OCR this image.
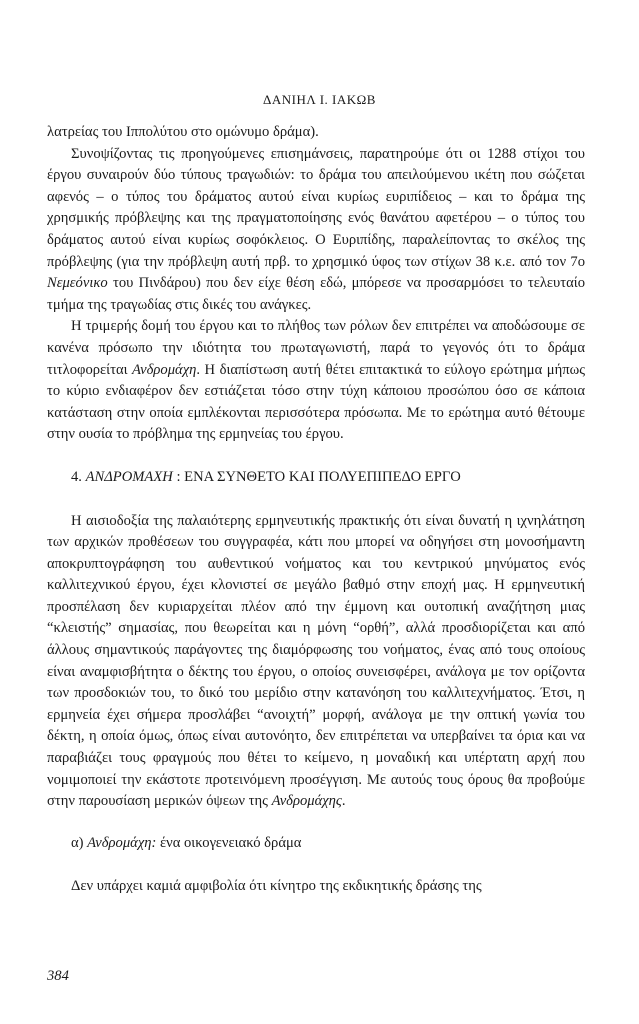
ΔΑΝΙΗΛ Ι. ΙΑΚΩΒ

λατρείας του Ιππολύτου στο ομώνυμο δράμα).

Συνοψίζοντας τις προηγούμενες επισημάνσεις, παρατηρούμε ότι οι 1288 στίχοι του έργου συναιρούν δύο τύπους τραγωδιών: το δράμα του απειλούμενου ικέτη που σώζεται αφενός – ο τύπος του δράματος αυτού είναι κυρίως ευριπίδειος – και το δράμα της χρησμικής πρόβλεψης και της πραγματοποίησης ενός θανάτου αφετέρου – ο τύπος του δράματος αυτού είναι κυρίως σοφόκλειος. Ο Ευριπίδης, παραλείποντας το σκέλος της πρόβλεψης (για την πρόβλεψη αυτή πρβ. το χρησμικό ύφος των στίχων 38 κ.ε. από τον 7ο Νεμεόνικο του Πινδάρου) που δεν είχε θέση εδώ, μπόρεσε να προσαρμόσει το τελευταίο τμήμα της τραγωδίας στις δικές του ανάγκες.

Η τριμερής δομή του έργου και το πλήθος των ρόλων δεν επιτρέπει να αποδώσουμε σε κανένα πρόσωπο την ιδιότητα του πρωταγωνιστή, παρά το γεγονός ότι το δράμα τιτλοφορείται Ανδρομάχη. Η διαπίστωση αυτή θέτει επιτακτικά το εύλογο ερώτημα μήπως το κύριο ενδιαφέρον δεν εστιάζεται τόσο στην τύχη κάποιου προσώπου όσο σε κάποια κατάσταση στην οποία εμπλέκονται περισσότερα πρόσωπα. Με το ερώτημα αυτό θέτουμε στην ουσία το πρόβλημα της ερμηνείας του έργου.

4. ΑΝΔΡΟΜΑΧΗ : ΕΝΑ ΣΥΝΘΕΤΟ ΚΑΙ ΠΟΛΥΕΠΙΠΕΔΟ ΕΡΓΟ

Η αισιοδοξία της παλαιότερης ερμηνευτικής πρακτικής ότι είναι δυνατή η ιχνηλάτηση των αρχικών προθέσεων του συγγραφέα, κάτι που μπορεί να οδηγήσει στη μονοσήμαντη αποκρυπτογράφηση του αυθεντικού νοήματος και του κεντρικού μηνύματος ενός καλλιτεχνικού έργου, έχει κλονιστεί σε μεγάλο βαθμό στην εποχή μας. Η ερμηνευτική προσπέλαση δεν κυριαρχείται πλέον από την έμμονη και ουτοπική αναζήτηση μιας “κλειστής” σημασίας, που θεωρείται και η μόνη “ορθή”, αλλά προσδιορίζεται και από άλλους σημαντικούς παράγοντες της διαμόρφωσης του νοήματος, ένας από τους οποίους είναι αναμφισβήτητα ο δέκτης του έργου, ο οποίος συνεισφέρει, ανάλογα με τον ορίζοντα των προσδοκιών του, το δικό του μερίδιο στην κατανόηση του καλλιτεχνήματος. Έτσι, η ερμηνεία έχει σήμερα προσλάβει “ανοιχτή” μορφή, ανάλογα με την οπτική γωνία του δέκτη, η οποία όμως, όπως είναι αυτονόητο, δεν επιτρέπεται να υπερβαίνει τα όρια και να παραβιάζει τους φραγμούς που θέτει το κείμενο, η μοναδική και υπέρτατη αρχή που νομιμοποιεί την εκάστοτε προτεινόμενη προσέγγιση. Με αυτούς τους όρους θα προβούμε στην παρουσίαση μερικών όψεων της Ανδρομάχης.

α) Ανδρομάχη: ένα οικογενειακό δράμα

Δεν υπάρχει καμιά αμφιβολία ότι κίνητρο της εκδικητικής δράσης της

384
